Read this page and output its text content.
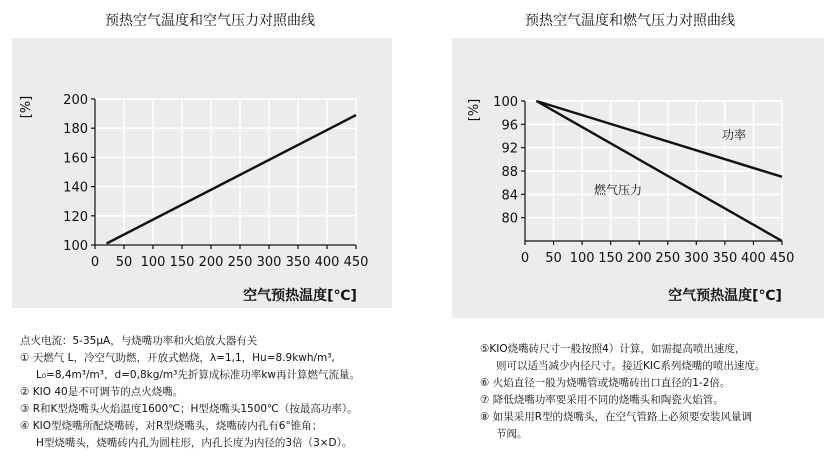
预热空气温度和空气压力对照曲线	预热空气温度和燃气压力对照曲线
100
120
140
160
180
200
0 50 100 150 200 250 300 350 400 450
[%]
空气预热温度[℃]
80
84
88
92
96
100
0 50 100 150 200 250 300 350 400 450
[%]
空气预热温度[℃]
功率
燃气压力
点火电流：5-35μA，与烧嘴功率和火焰放大器有关
① 天燃气 L，冷空气助燃，开放式燃烧，λ=1,1，Hu=8.9kwh/m³,
L₀=8,4m³/m³，d=0,8kg/m³先折算成标准功率kw再计算燃气流量。
② KIO 40是不可调节的点火烧嘴。
③ R和K型烧嘴头火焰温度1600℃；H型烧嘴头1500℃（按最高功率）。
④ KIO型烧嘴所配烧嘴砖，对R型烧嘴头，烧嘴砖内孔有6°锥角；
H型烧嘴头，烧嘴砖内孔为圆柱形，内孔长度为内径的3倍（3×D）。
⑤KIO烧嘴砖尺寸一般按照4）计算，如需提高喷出速度，
则可以适当减少内径尺寸。接近KIC系列烧嘴的喷出速度。
⑥ 火焰直径一般为烧嘴管或烧嘴砖出口直径的1-2倍。
⑦ 降低烧嘴功率要采用不同的烧嘴头和陶瓷火焰管。
⑧ 如果采用R型的烧嘴头，在空气管路上必须要安装风量调
节阀。
